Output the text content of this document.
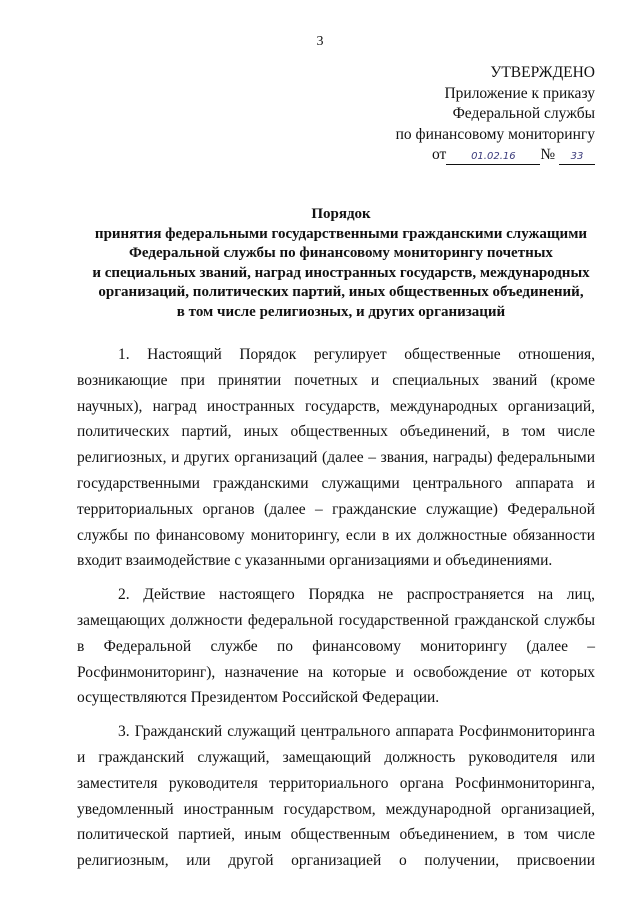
3
УТВЕРЖДЕНО
Приложение к приказу
Федеральной службы
по финансовому мониторингу
от 01.02.16 № 33
Порядок
принятия федеральными государственными гражданскими служащими
Федеральной службы по финансовому мониторингу почетных
и специальных званий, наград иностранных государств, международных
организаций, политических партий, иных общественных объединений,
в том числе религиозных, и других организаций

1. Настоящий Порядок регулирует общественные отношения, возникающие при принятии почетных и специальных званий (кроме научных), наград иностранных государств, международных организаций, политических партий, иных общественных объединений, в том числе религиозных, и других организаций (далее – звания, награды) федеральными государственными гражданскими служащими центрального аппарата и территориальных органов (далее – гражданские служащие) Федеральной службы по финансовому мониторингу, если в их должностные обязанности входит взаимодействие с указанными организациями и объединениями.

2. Действие настоящего Порядка не распространяется на лиц, замещающих должности федеральной государственной гражданской службы в Федеральной службе по финансовому мониторингу (далее – Росфинмониторинг), назначение на которые и освобождение от которых осуществляются Президентом Российской Федерации.

3. Гражданский служащий центрального аппарата Росфинмониторинга и гражданский служащий, замещающий должность руководителя или заместителя руководителя территориального органа Росфинмониторинга, уведомленный иностранным государством, международной организацией, политической партией, иным общественным объединением, в том числе религиозным, или другой организацией о получении, присвоении
